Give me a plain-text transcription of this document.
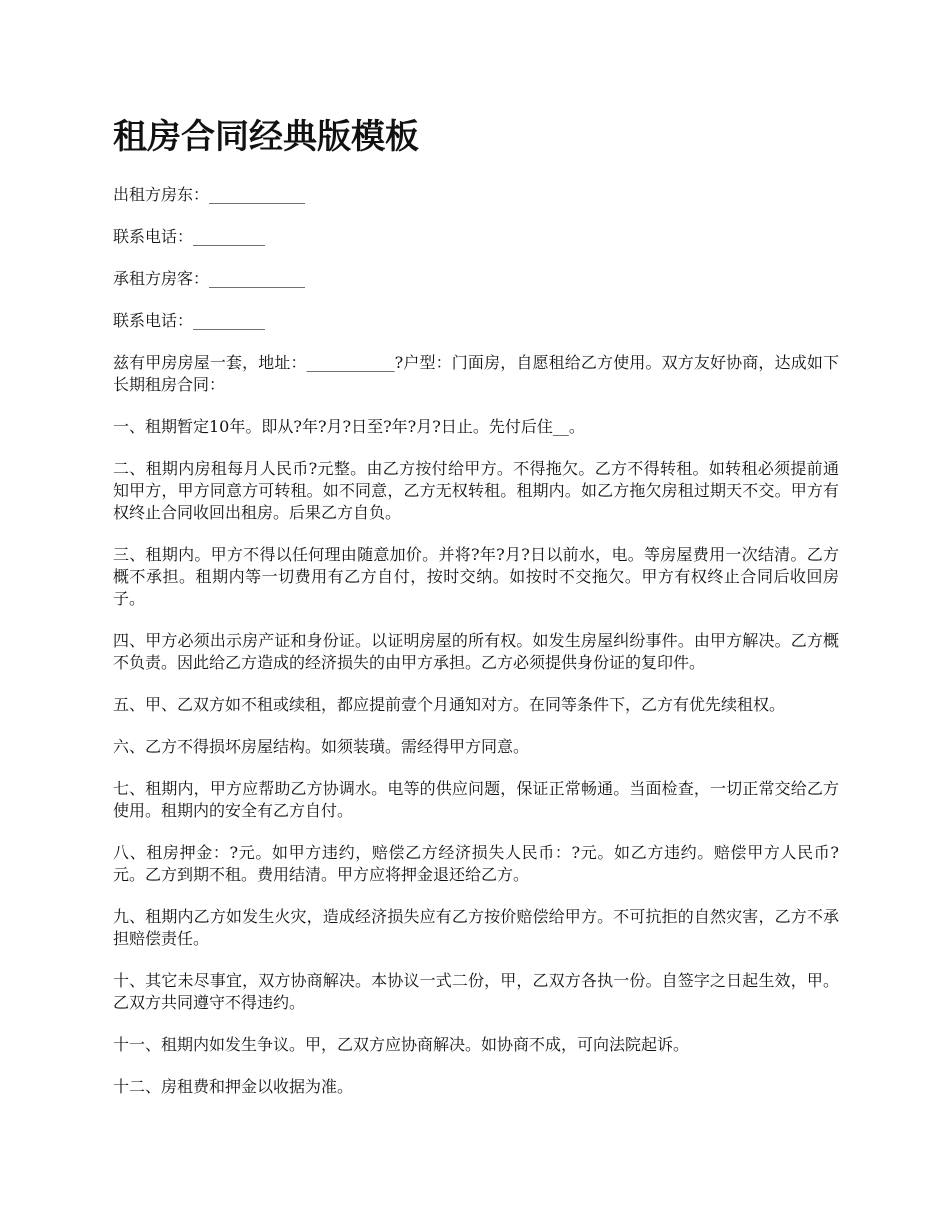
租房合同经典版模板
出租方房东：____________
联系电话：_________
承租方房客：____________
联系电话：_________

兹有甲房房屋一套，地址：___________?户型：门面房，自愿租给乙方使用。双方友好协商，达成如下长期租房合同：

一、租期暂定10年。即从?年?月?日至?年?月?日止。先付后住__。

二、租期内房租每月人民币?元整。由乙方按付给甲方。不得拖欠。乙方不得转租。如转租必须提前通知甲方，甲方同意方可转租。如不同意，乙方无权转租。租期内。如乙方拖欠房租过期天不交。甲方有权终止合同收回出租房。后果乙方自负。

三、租期内。甲方不得以任何理由随意加价。并将?年?月?日以前水，电。等房屋费用一次结清。乙方概不承担。租期内等一切费用有乙方自付，按时交纳。如按时不交拖欠。甲方有权终止合同后收回房子。

四、甲方必须出示房产证和身份证。以证明房屋的所有权。如发生房屋纠纷事件。由甲方解决。乙方概不负责。因此给乙方造成的经济损失的由甲方承担。乙方必须提供身份证的复印件。

五、甲、乙双方如不租或续租，都应提前壹个月通知对方。在同等条件下，乙方有优先续租权。

六、乙方不得损坏房屋结构。如须装璜。需经得甲方同意。

七、租期内，甲方应帮助乙方协调水。电等的供应问题，保证正常畅通。当面检查，一切正常交给乙方使用。租期内的安全有乙方自付。

八、租房押金：?元。如甲方违约，赔偿乙方经济损失人民币：?元。如乙方违约。赔偿甲方人民币?元。乙方到期不租。费用结清。甲方应将押金退还给乙方。

九、租期内乙方如发生火灾，造成经济损失应有乙方按价赔偿给甲方。不可抗拒的自然灾害，乙方不承担赔偿责任。

十、其它未尽事宜，双方协商解决。本协议一式二份，甲，乙双方各执一份。自签字之日起生效，甲。乙双方共同遵守不得违约。

十一、租期内如发生争议。甲，乙双方应协商解决。如协商不成，可向法院起诉。

十二、房租费和押金以收据为准。
